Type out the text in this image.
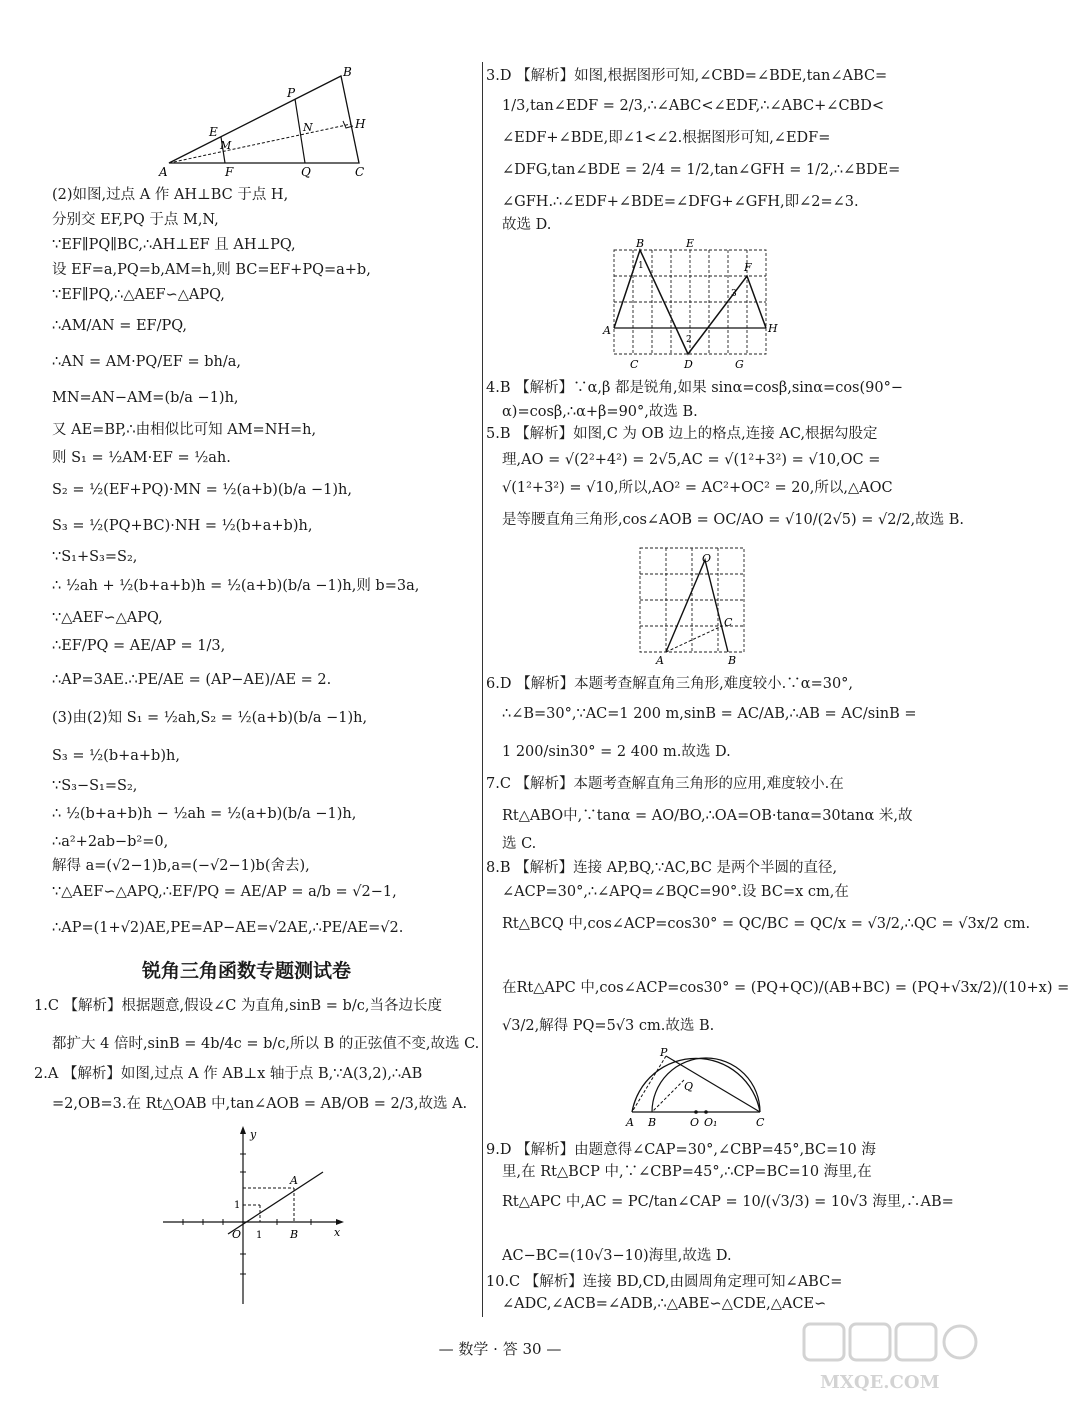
B
P
E
M
N	H
A	F	Q	C
(2)如图,过点 A 作 AH⊥BC 于点 H,
分别交 EF,PQ 于点 M,N,
∵EF∥PQ∥BC,∴AH⊥EF 且 AH⊥PQ,
设 EF=a,PQ=b,AM=h,则 BC=EF+PQ=a+b,
∵EF∥PQ,∴△AEF∽△APQ,
∴AM/AN = EF/PQ,
∴AN = AM·PQ/EF = bh/a,
MN=AN−AM=(b/a −1)h,
又 AE=BP,∴由相似比可知 AM=NH=h,
则 S₁ = ½AM·EF = ½ah.
S₂ = ½(EF+PQ)·MN = ½(a+b)(b/a −1)h,
S₃ = ½(PQ+BC)·NH = ½(b+a+b)h,
∵S₁+S₃=S₂,
∴ ½ah + ½(b+a+b)h = ½(a+b)(b/a −1)h,则 b=3a,
∵△AEF∽△APQ,
∴EF/PQ = AE/AP = 1/3,
∴AP=3AE.∴PE/AE = (AP−AE)/AE = 2.
(3)由(2)知 S₁ = ½ah,S₂ = ½(a+b)(b/a −1)h,
S₃ = ½(b+a+b)h,
∵S₃−S₁=S₂,
∴ ½(b+a+b)h − ½ah = ½(a+b)(b/a −1)h,
∴a²+2ab−b²=0,
解得 a=(√2−1)b,a=(−√2−1)b(舍去),
∵△AEF∽△APQ,∴EF/PQ = AE/AP = a/b = √2−1,
∴AP=(1+√2)AE,PE=AP−AE=√2AE,∴PE/AE=√2.
锐角三角函数专题测试卷
1.C 【解析】根据题意,假设∠C 为直角,sinB = b/c,当各边长度
都扩大 4 倍时,sinB = 4b/4c = b/c,所以 B 的正弦值不变,故选 C.
2.A 【解析】如图,过点 A 作 AB⊥x 轴于点 B,∵A(3,2),∴AB
=2,OB=3.在 Rt△OAB 中,tan∠AOB = AB/OB = 2/3,故选 A.
y
x
A
B
O 1
1
3.D 【解析】如图,根据图形可知,∠CBD=∠BDE,tan∠ABC=
1/3,tan∠EDF = 2/3,∴∠ABC<∠EDF,∴∠ABC+∠CBD<
∠EDF+∠BDE,即∠1<∠2.根据图形可知,∠EDF=
∠DFG,tan∠BDE = 2/4 = 1/2,tan∠GFH = 1/2,∴∠BDE=
∠GFH.∴∠EDF+∠BDE=∠DFG+∠GFH,即∠2=∠3.
故选 D.
B	E
F
A	H
C	D	G
1
2
3
4.B 【解析】∵α,β 都是锐角,如果 sinα=cosβ,sinα=cos(90°−
α)=cosβ,∴α+β=90°,故选 B.
5.B 【解析】如图,C 为 OB 边上的格点,连接 AC,根据勾股定
理,AO = √(2²+4²) = 2√5,AC = √(1²+3²) = √10,OC =
√(1²+3²) = √10,所以,AO² = AC²+OC² = 20,所以,△AOC
是等腰直角三角形,cos∠AOB = OC/AO = √10/(2√5) = √2/2,故选 B.
O
C
A	B
6.D 【解析】本题考查解直角三角形,难度较小.∵α=30°,
∴∠B=30°,∵AC=1 200 m,sinB = AC/AB,∴AB = AC/sinB =
1 200/sin30° = 2 400 m.故选 D.
7.C 【解析】本题考查解直角三角形的应用,难度较小.在
Rt△ABO中,∵tanα = AO/BO,∴OA=OB·tanα=30tanα 米,故
选 C.
8.B 【解析】连接 AP,BQ,∵AC,BC 是两个半圆的直径,
∠ACP=30°,∴∠APQ=∠BQC=90°.设 BC=x cm,在
Rt△BCQ 中,cos∠ACP=cos30° = QC/BC = QC/x = √3/2,∴QC = √3x/2 cm.
在Rt△APC 中,cos∠ACP=cos30° = (PQ+QC)/(AB+BC) = (PQ+√3x/2)/(10+x) =
√3/2,解得 PQ=5√3 cm.故选 B.
P
Q
A B	O O₁	C
9.D 【解析】由题意得∠CAP=30°,∠CBP=45°,BC=10 海
里,在 Rt△BCP 中,∵∠CBP=45°,∴CP=BC=10 海里,在
Rt△APC 中,AC = PC/tan∠CAP = 10/(√3/3) = 10√3 海里,∴AB=
AC−BC=(10√3−10)海里,故选 D.
10.C 【解析】连接 BD,CD,由圆周角定理可知∠ABC=
∠ADC,∠ACB=∠ADB,∴△ABE∽△CDE,△ACE∽
— 数学 · 答 30 —
MXQE.COM
